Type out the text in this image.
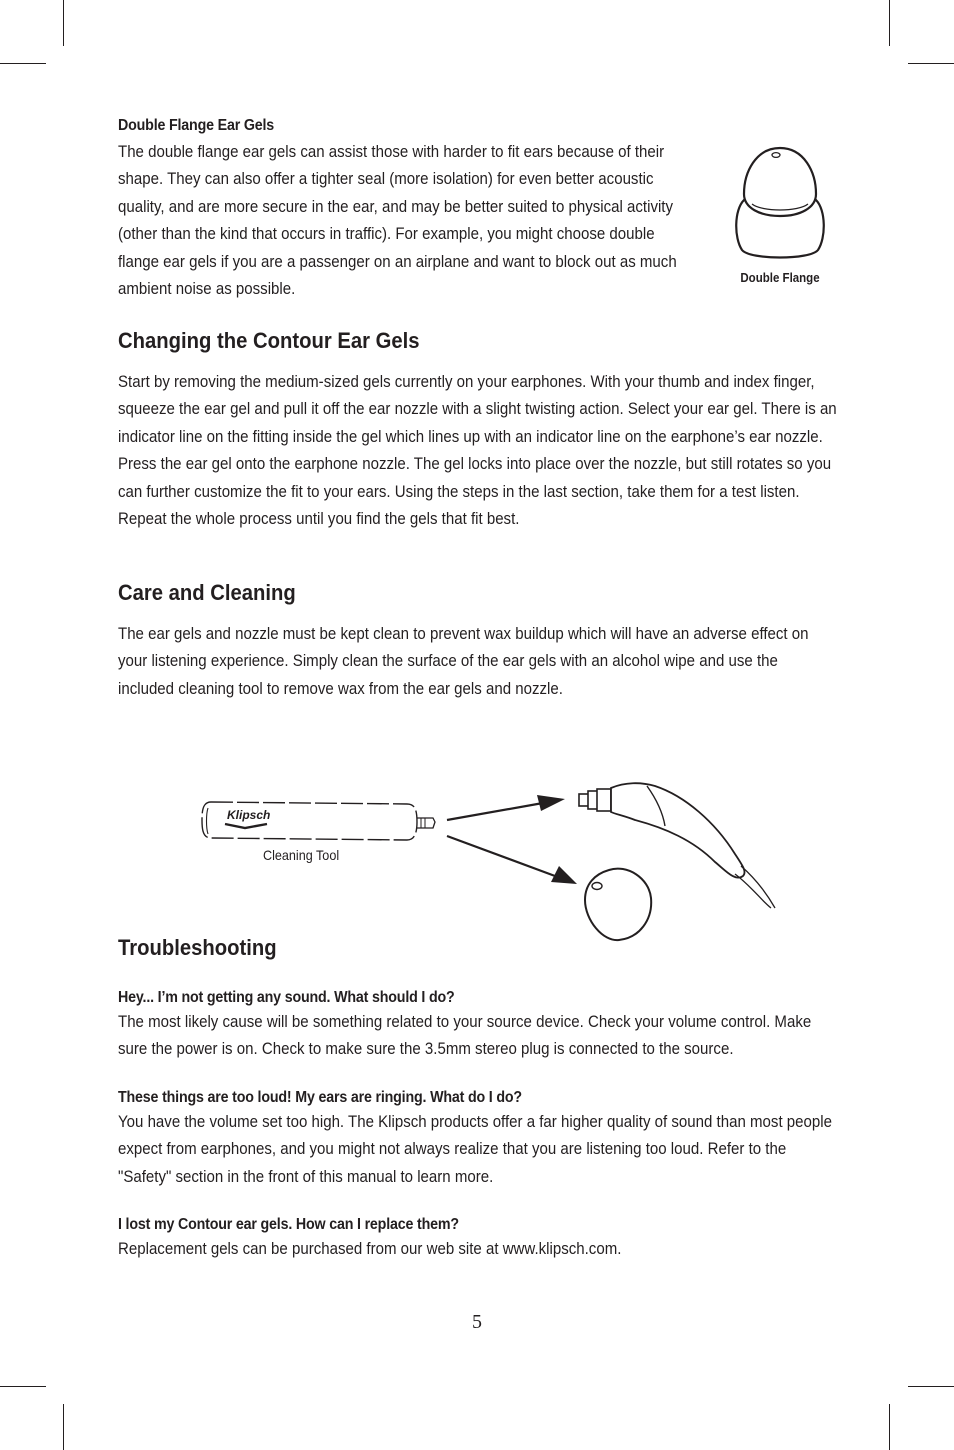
Double Flange Ear Gels

The double flange ear gels can assist those with harder to fit ears because of their shape. They can also offer a tighter seal (more isolation) for even better acoustic quality, and are more secure in the ear, and may be better suited to physical activity (other than the kind that occurs in traffic). For example, you might choose double flange ear gels if you are a passenger on an airplane and want to block out as much ambient noise as possible.

Double Flange
Changing the Contour Ear Gels

Start by removing the medium-sized gels currently on your earphones. With your thumb and index finger, squeeze the ear gel and pull it off the ear nozzle with a slight twisting action. Select your ear gel. There is an indicator line on the fitting inside the gel which lines up with an indicator line on the earphone’s ear nozzle. Press the ear gel onto the earphone nozzle. The gel locks into place over the nozzle, but still rotates so you can further customize the fit to your ears. Using the steps in the last section, take them for a test listen. Repeat the whole process until you find the gels that fit best.

Care and Cleaning

The ear gels and nozzle must be kept clean to prevent wax buildup which will have an adverse effect on your listening experience. Simply clean the surface of the ear gels with an alcohol wipe and use the included cleaning tool to remove wax from the ear gels and nozzle.

Klipsch
Cleaning Tool
Troubleshooting
Hey... I’m not getting any sound. What should I do?

The most likely cause will be something related to your source device. Check your volume control. Make sure the power is on. Check to make sure the 3.5mm stereo plug is connected to the source.

These things are too loud! My ears are ringing. What do I do?

You have the volume set too high. The Klipsch products offer a far higher quality of sound than most people expect from earphones, and you might not always realize that you are listening too loud. Refer to the "Safety" section in the front of this manual to learn more.

I lost my Contour ear gels. How can I replace them?

Replacement gels can be purchased from our web site at www.klipsch.com.

5
